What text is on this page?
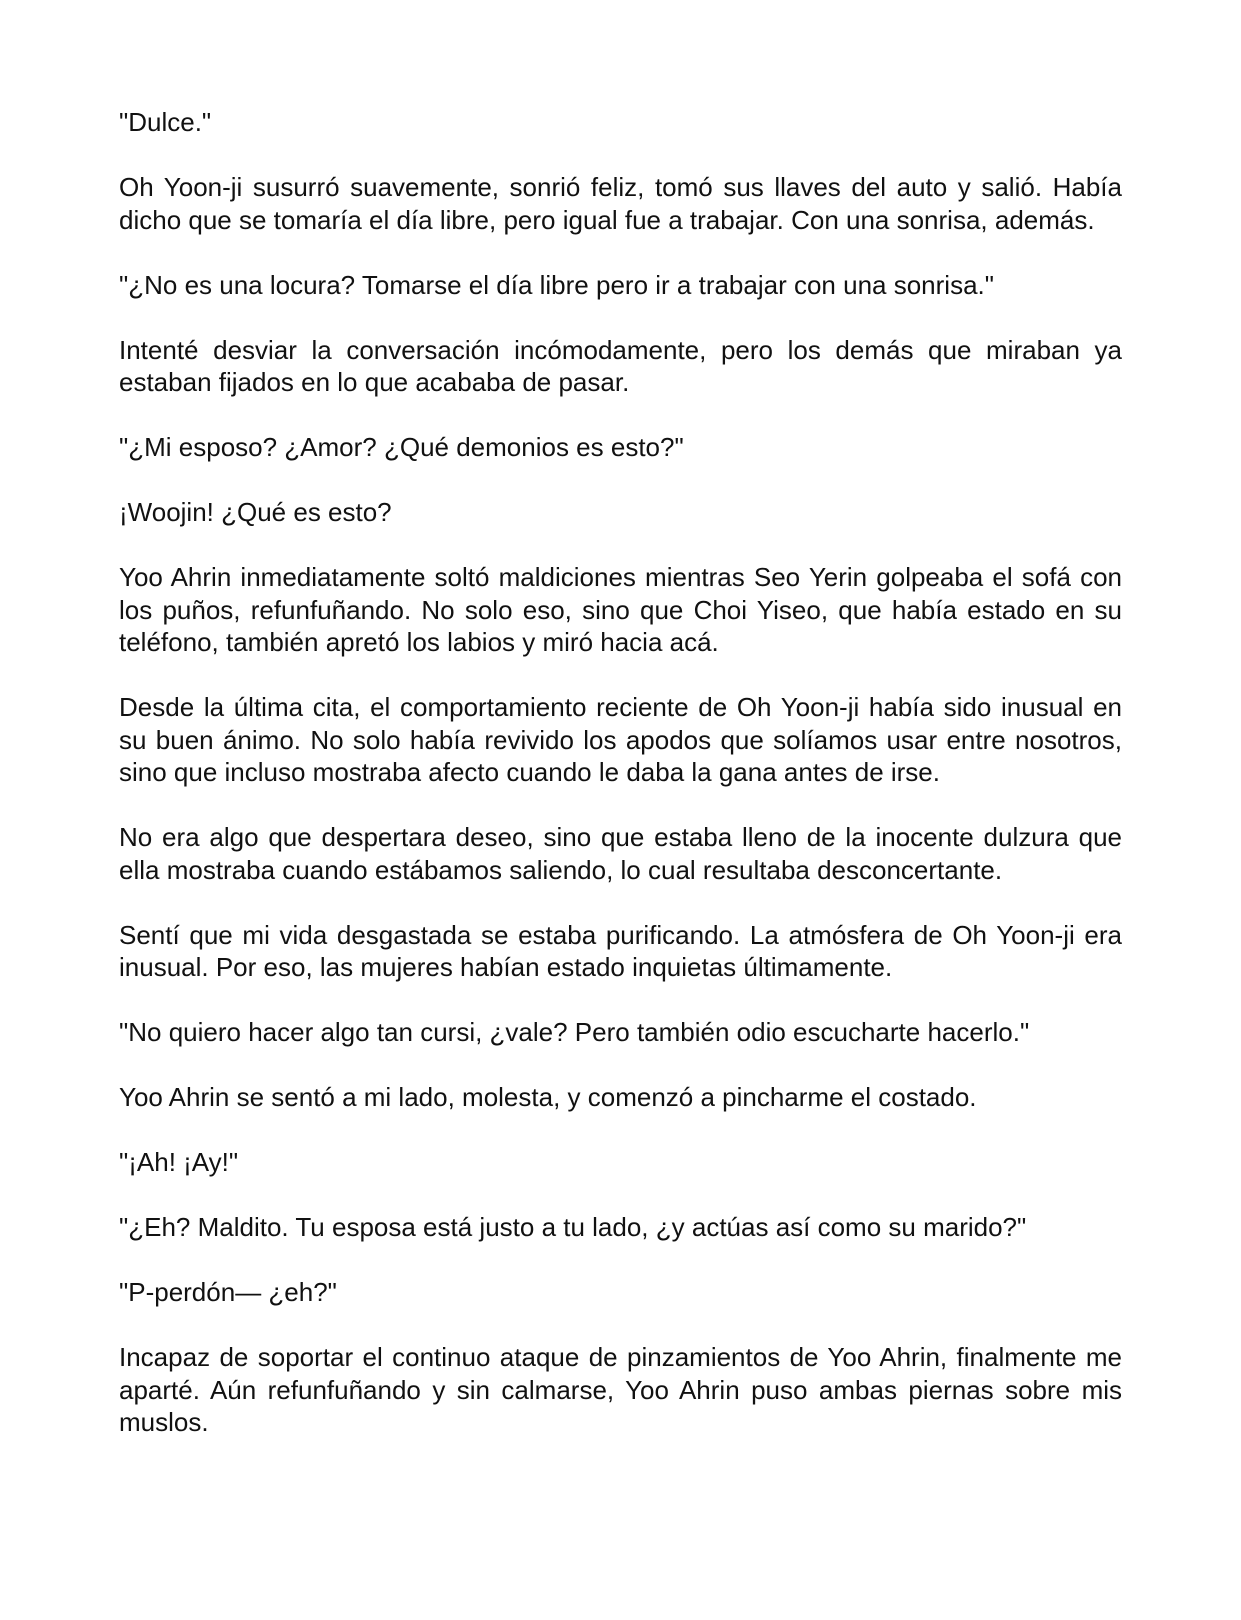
"Dulce."

Oh Yoon-ji susurró suavemente, sonrió feliz, tomó sus llaves del auto y salió. Había dicho que se tomaría el día libre, pero igual fue a trabajar. Con una sonrisa, además.

"¿No es una locura? Tomarse el día libre pero ir a trabajar con una sonrisa."

Intenté desviar la conversación incómodamente, pero los demás que miraban ya estaban fijados en lo que acababa de pasar.

"¿Mi esposo? ¿Amor? ¿Qué demonios es esto?"

¡Woojin! ¿Qué es esto?

Yoo Ahrin inmediatamente soltó maldiciones mientras Seo Yerin golpeaba el sofá con los puños, refunfuñando. No solo eso, sino que Choi Yiseo, que había estado en su teléfono, también apretó los labios y miró hacia acá.

Desde la última cita, el comportamiento reciente de Oh Yoon-ji había sido inusual en su buen ánimo. No solo había revivido los apodos que solíamos usar entre nosotros, sino que incluso mostraba afecto cuando le daba la gana antes de irse.

No era algo que despertara deseo, sino que estaba lleno de la inocente dulzura que ella mostraba cuando estábamos saliendo, lo cual resultaba desconcertante.

Sentí que mi vida desgastada se estaba purificando. La atmósfera de Oh Yoon-ji era inusual. Por eso, las mujeres habían estado inquietas últimamente.

"No quiero hacer algo tan cursi, ¿vale? Pero también odio escucharte hacerlo."

Yoo Ahrin se sentó a mi lado, molesta, y comenzó a pincharme el costado.

"¡Ah! ¡Ay!"

"¿Eh? Maldito. Tu esposa está justo a tu lado, ¿y actúas así como su marido?"

"P-perdón— ¿eh?"

Incapaz de soportar el continuo ataque de pinzamientos de Yoo Ahrin, finalmente me aparté. Aún refunfuñando y sin calmarse, Yoo Ahrin puso ambas piernas sobre mis muslos.
